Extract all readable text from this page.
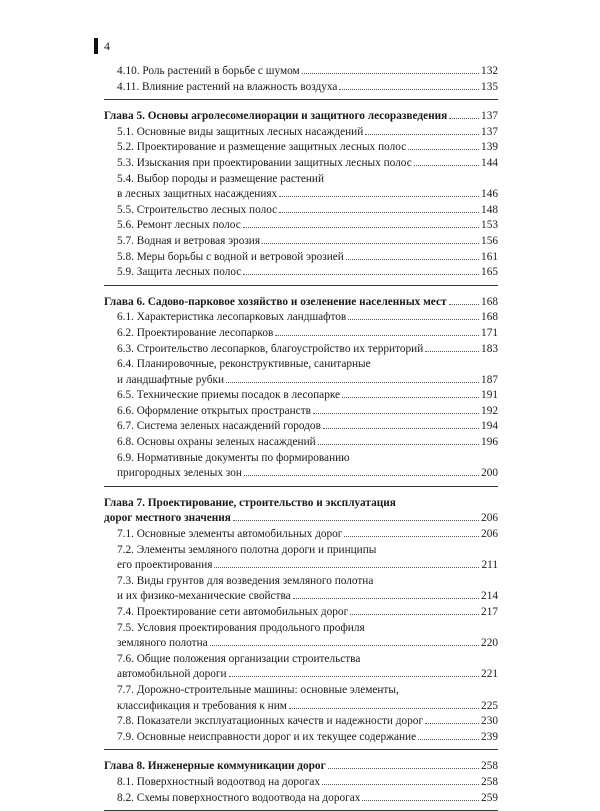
4
4.10. Роль растений в борьбе с шумом	132
4.11. Влияние растений на влажность воздуха	135
Глава 5. Основы агролесомелиорации и защитного лесоразведения	137
5.1. Основные виды защитных лесных насаждений	137
5.2. Проектирование и размещение защитных лесных полос	139
5.3. Изыскания при проектировании защитных лесных полос	144
5.4. Выбор породы и размещение растений
в лесных защитных насаждениях	146
5.5. Строительство лесных полос	148
5.6. Ремонт лесных полос	153
5.7. Водная и ветровая эрозия	156
5.8. Меры борьбы с водной и ветровой эрозией	161
5.9. Защита лесных полос	165
Глава 6. Садово-парковое хозяйство и озеленение населенных мест	168
6.1. Характеристика лесопарковых ландшафтов	168
6.2. Проектирование лесопарков	171
6.3. Строительство лесопарков, благоустройство их территорий	183
6.4. Планировочные, реконструктивные, санитарные
и ландшафтные рубки	187
6.5. Технические приемы посадок в лесопарке	191
6.6. Оформление открытых пространств	192
6.7. Система зеленых насаждений городов	194
6.8. Основы охраны зеленых насаждений	196
6.9. Нормативные документы по формированию
пригородных зеленых зон	200
Глава 7. Проектирование, строительство и эксплуатация
дорог местного значения	206
7.1. Основные элементы автомобильных дорог	206
7.2. Элементы земляного полотна дороги и принципы
его проектирования	211
7.3. Виды грунтов для возведения земляного полотна
и их физико-механические свойства	214
7.4. Проектирование сети автомобильных дорог	217
7.5. Условия проектирования продольного профиля
земляного полотна	220
7.6. Общие положения организации строительства
автомобильной дороги	221
7.7. Дорожно-строительные машины: основные элементы,
классификация и требования к ним	225
7.8. Показатели эксплуатационных качеств и надежности дорог	230
7.9. Основные неисправности дорог и их текущее содержание	239
Глава 8. Инженерные коммуникации дорог	258
8.1. Поверхностный водоотвод на дорогах	258
8.2. Схемы поверхностного водоотвода на дорогах	259
